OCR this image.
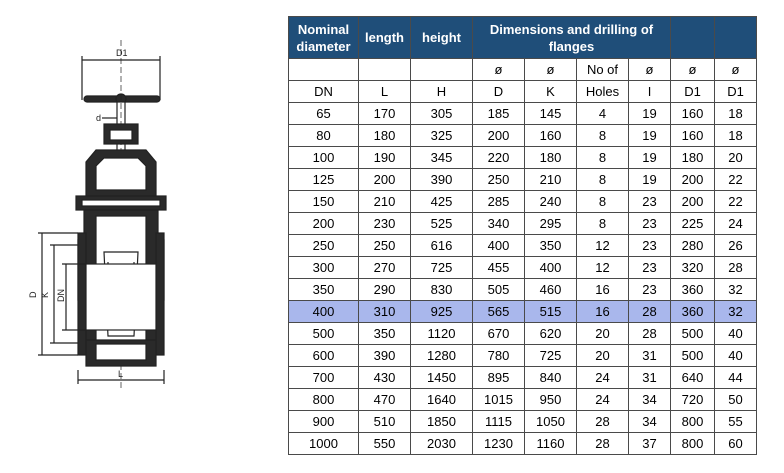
D1
d
D K DN
L
Nominal diameter	length	height	Dimensions and drilling of flanges					
			ø	ø	No of	ø	ø	ø
DN	L	H	D	K	Holes	I	D1	D1
65	170	305	185	145	4	19	160	18
80	180	325	200	160	8	19	160	18
100	190	345	220	180	8	19	180	20
125	200	390	250	210	8	19	200	22
150	210	425	285	240	8	23	200	22
200	230	525	340	295	8	23	225	24
250	250	616	400	350	12	23	280	26
300	270	725	455	400	12	23	320	28
350	290	830	505	460	16	23	360	32
400	310	925	565	515	16	28	360	32
500	350	1120	670	620	20	28	500	40
600	390	1280	780	725	20	31	500	40
700	430	1450	895	840	24	31	640	44
800	470	1640	1015	950	24	34	720	50
900	510	1850	1115	1050	28	34	800	55
1000	550	2030	1230	1160	28	37	800	60
